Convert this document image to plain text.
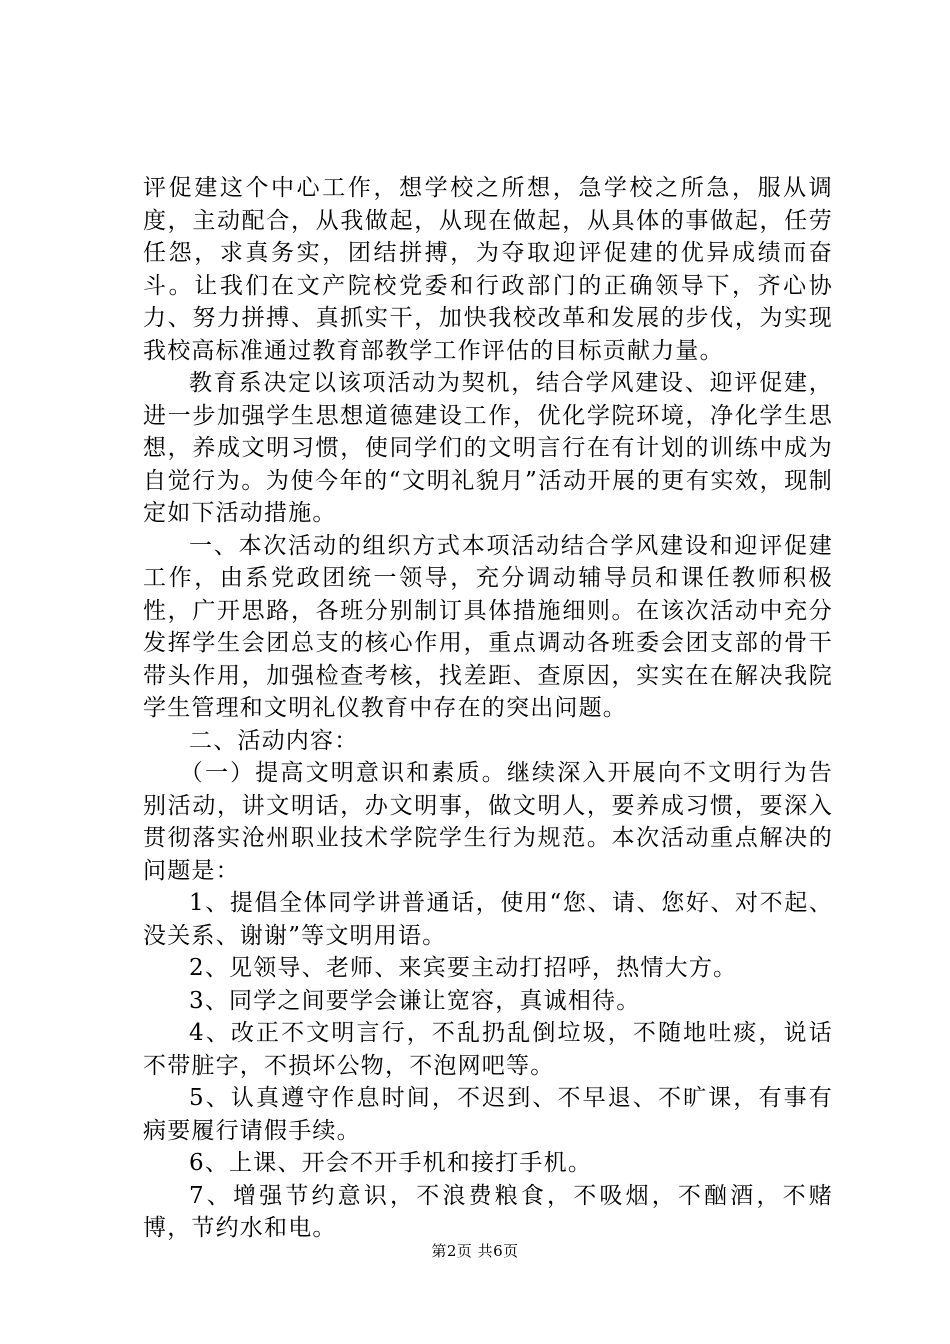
评促建这个中心工作，想学校之所想，急学校之所急，服从调度，主动配合，从我做起，从现在做起，从具体的事做起，任劳任怨，求真务实，团结拼搏，为夺取迎评促建的优异成绩而奋斗。让我们在文产院校党委和行政部门的正确领导下，齐心协力、努力拼搏、真抓实干，加快我校改革和发展的步伐，为实现我校高标准通过教育部教学工作评估的目标贡献力量。

教育系决定以该项活动为契机，结合学风建设、迎评促建，进一步加强学生思想道德建设工作，优化学院环境，净化学生思想，养成文明习惯，使同学们的文明言行在有计划的训练中成为自觉行为。为使今年的“文明礼貌月”活动开展的更有实效，现制定如下活动措施。

一、本次活动的组织方式本项活动结合学风建设和迎评促建工作，由系党政团统一领导，充分调动辅导员和课任教师积极性，广开思路，各班分别制订具体措施细则。在该次活动中充分发挥学生会团总支的核心作用，重点调动各班委会团支部的骨干带头作用，加强检查考核，找差距、查原因，实实在在解决我院学生管理和文明礼仪教育中存在的突出问题。

二、活动内容：

（一）提高文明意识和素质。继续深入开展向不文明行为告别活动，讲文明话，办文明事，做文明人，要养成习惯，要深入贯彻落实沧州职业技术学院学生行为规范。本次活动重点解决的问题是：

1、提倡全体同学讲普通话，使用“您、请、您好、对不起、没关系、谢谢”等文明用语。

2、见领导、老师、来宾要主动打招呼，热情大方。

3、同学之间要学会谦让宽容，真诚相待。

4、改正不文明言行，不乱扔乱倒垃圾，不随地吐痰，说话不带脏字，不损坏公物，不泡网吧等。

5、认真遵守作息时间，不迟到、不早退、不旷课，有事有病要履行请假手续。

6、上课、开会不开手机和接打手机。

7、增强节约意识，不浪费粮食，不吸烟，不酗酒，不赌博，节约水和电。

第2页 共6页
